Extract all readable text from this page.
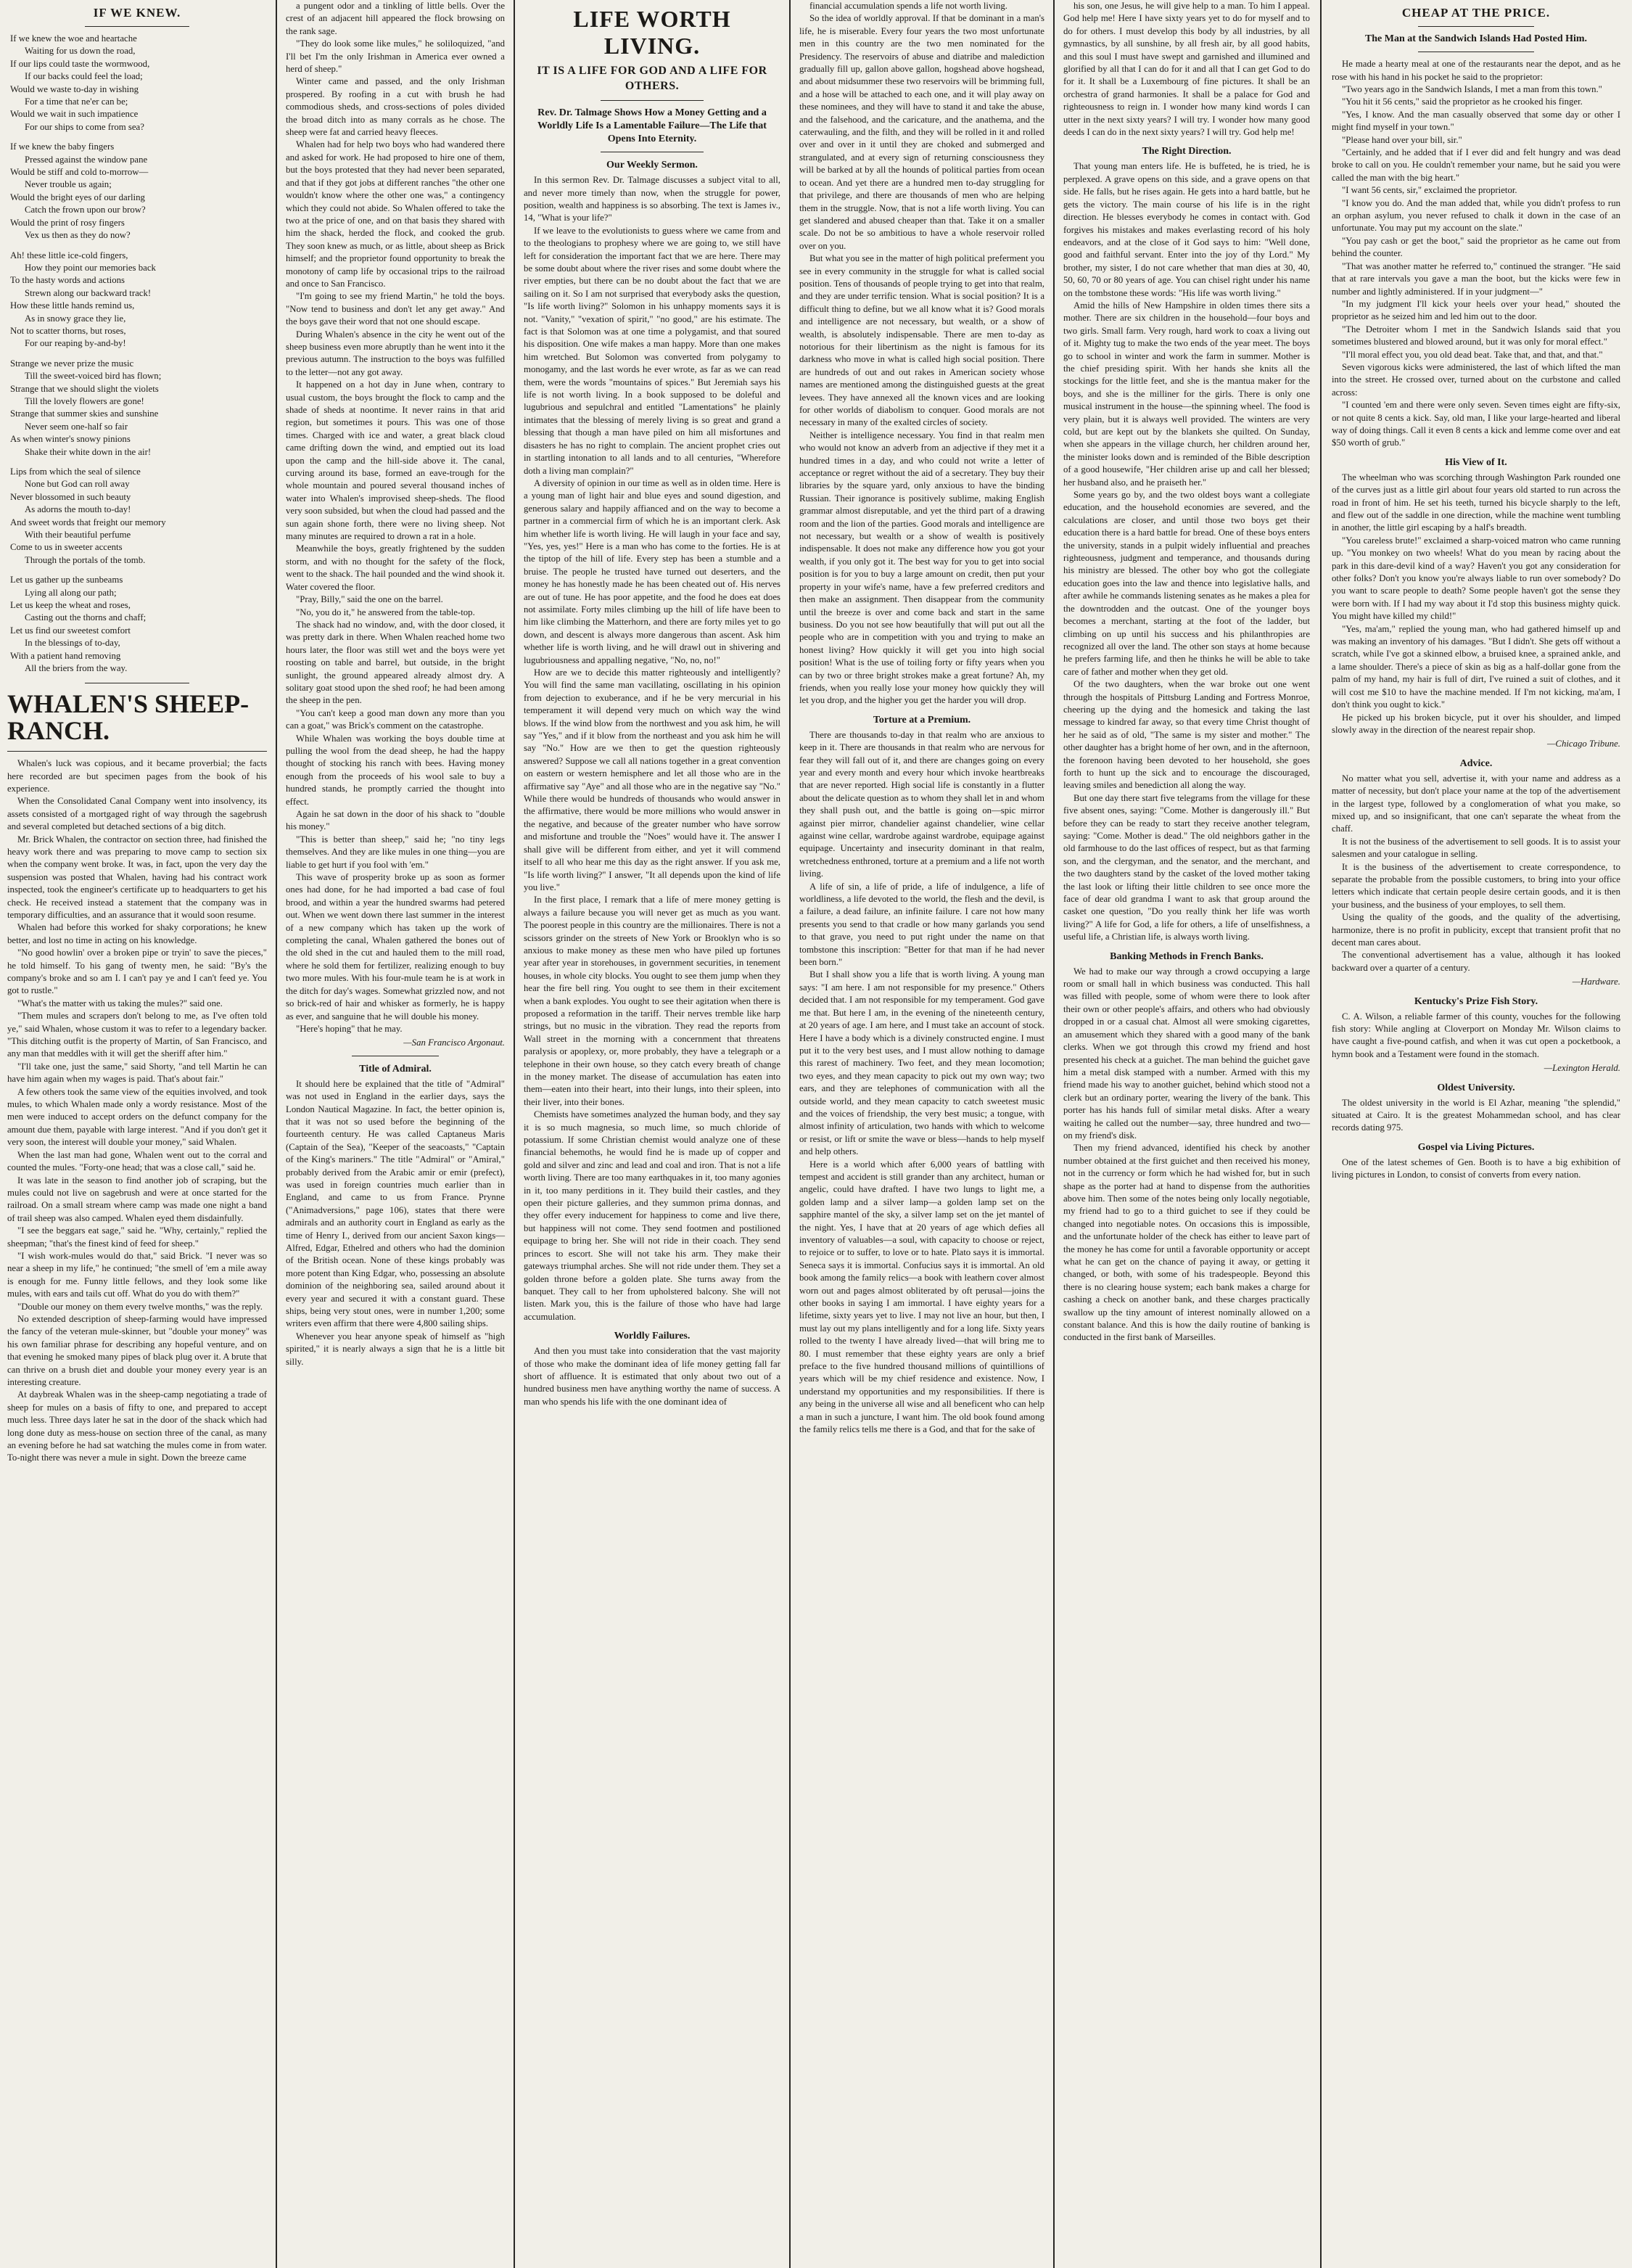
IF WE KNEW.

If we knew the woe and heartache

Waiting for us down the road,

If our lips could taste the wormwood,

If our backs could feel the load;

Would we waste to-day in wishing

For a time that ne'er can be;

Would we wait in such impatience

For our ships to come from sea?

If we knew the baby fingers

Pressed against the window pane

Would be stiff and cold to-morrow—

Never trouble us again;

Would the bright eyes of our darling

Catch the frown upon our brow?

Would the print of rosy fingers

Vex us then as they do now?

Ah! these little ice-cold fingers,

How they point our memories back

To the hasty words and actions

Strewn along our backward track!

How these little hands remind us,

As in snowy grace they lie,

Not to scatter thorns, but roses,

For our reaping by-and-by!

Strange we never prize the music

Till the sweet-voiced bird has flown;

Strange that we should slight the violets

Till the lovely flowers are gone!

Strange that summer skies and sunshine

Never seem one-half so fair

As when winter's snowy pinions

Shake their white down in the air!

Lips from which the seal of silence

None but God can roll away

Never blossomed in such beauty

As adorns the mouth to-day!

And sweet words that freight our memory

With their beautiful perfume

Come to us in sweeter accents

Through the portals of the tomb.

Let us gather up the sunbeams

Lying all along our path;

Let us keep the wheat and roses,

Casting out the thorns and chaff;

Let us find our sweetest comfort

In the blessings of to-day,

With a patient hand removing

All the briers from the way.

WHALEN'S SHEEP-RANCH.

Whalen's luck was copious, and it became proverbial; the facts here recorded are but specimen pages from the book of his experience.

When the Consolidated Canal Company went into insolvency, its assets consisted of a mortgaged right of way through the sagebrush and several completed but detached sections of a big ditch.

Mr. Brick Whalen, the contractor on section three, had finished the heavy work there and was preparing to move camp to section six when the company went broke. It was, in fact, upon the very day the suspension was posted that Whalen, having had his contract work inspected, took the engineer's certificate up to headquarters to get his check. He received instead a statement that the company was in temporary difficulties, and an assurance that it would soon resume.

Whalen had before this worked for shaky corporations; he knew better, and lost no time in acting on his knowledge.

"No good howlin' over a broken pipe or tryin' to save the pieces," he told himself. To his gang of twenty men, he said: "By's the company's broke and so am I. I can't pay ye and I can't feed ye. You got to rustle."

"What's the matter with us taking the mules?" said one.

"Them mules and scrapers don't belong to me, as I've often told ye," said Whalen, whose custom it was to refer to a legendary backer. "This ditching outfit is the property of Martin, of San Francisco, and any man that meddles with it will get the sheriff after him."

"I'll take one, just the same," said Shorty, "and tell Martin he can have him again when my wages is paid. That's about fair."

A few others took the same view of the equities involved, and took mules, to which Whalen made only a wordy resistance. Most of the men were induced to accept orders on the defunct company for the amount due them, payable with large interest. "And if you don't get it very soon, the interest will double your money," said Whalen.

When the last man had gone, Whalen went out to the corral and counted the mules. "Forty-one head; that was a close call," said he.

It was late in the season to find another job of scraping, but the mules could not live on sagebrush and were at once started for the railroad. On a small stream where camp was made one night a band of trail sheep was also camped. Whalen eyed them disdainfully.

"I see the beggars eat sage," said he. "Why, certainly," replied the sheepman; "that's the finest kind of feed for sheep."

"I wish work-mules would do that," said Brick. "I never was so near a sheep in my life," he continued; "the smell of 'em a mile away is enough for me. Funny little fellows, and they look some like mules, with ears and tails cut off. What do you do with them?"

"Double our money on them every twelve months," was the reply.

No extended description of sheep-farming would have impressed the fancy of the veteran mule-skinner, but "double your money" was his own familiar phrase for describing any hopeful venture, and on that evening he smoked many pipes of black plug over it. A brute that can thrive on a brush diet and double your money every year is an interesting creature.

At daybreak Whalen was in the sheep-camp negotiating a trade of sheep for mules on a basis of fifty to one, and prepared to accept much less. Three days later he sat in the door of the shack which had long done duty as mess-house on section three of the canal, as many an evening before he had sat watching the mules come in from water. To-night there was never a mule in sight. Down the breeze came

a pungent odor and a tinkling of little bells. Over the crest of an adjacent hill appeared the flock browsing on the rank sage.

"They do look some like mules," he soliloquized, "and I'll bet I'm the only Irishman in America ever owned a herd of sheep."

Winter came and passed, and the only Irishman prospered. By roofing in a cut with brush he had commodious sheds, and cross-sections of poles divided the broad ditch into as many corrals as he chose. The sheep were fat and carried heavy fleeces.

Whalen had for help two boys who had wandered there and asked for work. He had proposed to hire one of them, but the boys protested that they had never been separated, and that if they got jobs at different ranches "the other one wouldn't know where the other one was," a contingency which they could not abide. So Whalen offered to take the two at the price of one, and on that basis they shared with him the shack, herded the flock, and cooked the grub. They soon knew as much, or as little, about sheep as Brick himself; and the proprietor found opportunity to break the monotony of camp life by occasional trips to the railroad and once to San Francisco.

"I'm going to see my friend Martin," he told the boys. "Now tend to business and don't let any get away." And the boys gave their word that not one should escape.

During Whalen's absence in the city he went out of the sheep business even more abruptly than he went into it the previous autumn. The instruction to the boys was fulfilled to the letter—not any got away.

It happened on a hot day in June when, contrary to usual custom, the boys brought the flock to camp and the shade of sheds at noontime. It never rains in that arid region, but sometimes it pours. This was one of those times. Charged with ice and water, a great black cloud came drifting down the wind, and emptied out its load upon the camp and the hill-side above it. The canal, curving around its base, formed an eave-trough for the whole mountain and poured several thousand inches of water into Whalen's improvised sheep-sheds. The flood very soon subsided, but when the cloud had passed and the sun again shone forth, there were no living sheep. Not many minutes are required to drown a rat in a hole.

Meanwhile the boys, greatly frightened by the sudden storm, and with no thought for the safety of the flock, went to the shack. The hail pounded and the wind shook it. Water covered the floor.

"Pray, Billy," said the one on the barrel.

"No, you do it," he answered from the table-top.

The shack had no window, and, with the door closed, it was pretty dark in there. When Whalen reached home two hours later, the floor was still wet and the boys were yet roosting on table and barrel, but outside, in the bright sunlight, the ground appeared already almost dry. A solitary goat stood upon the shed roof; he had been among the sheep in the pen.

"You can't keep a good man down any more than you can a goat," was Brick's comment on the catastrophe.

While Whalen was working the boys double time at pulling the wool from the dead sheep, he had the happy thought of stocking his ranch with bees. Having money enough from the proceeds of his wool sale to buy a hundred stands, he promptly carried the thought into effect.

Again he sat down in the door of his shack to "double his money."

"This is better than sheep," said he; "no tiny legs themselves. And they are like mules in one thing—you are liable to get hurt if you fool with 'em."

This wave of prosperity broke up as soon as former ones had done, for he had imported a bad case of foul brood, and within a year the hundred swarms had petered out. When we went down there last summer in the interest of a new company which has taken up the work of completing the canal, Whalen gathered the bones out of the old shed in the cut and hauled them to the mill road, where he sold them for fertilizer, realizing enough to buy two more mules. With his four-mule team he is at work in the ditch for day's wages. Somewhat grizzled now, and not so brick-red of hair and whisker as formerly, he is happy as ever, and sanguine that he will double his money.

"Here's hoping" that he may.

—San Francisco Argonaut.

Title of Admiral.

It should here be explained that the title of "Admiral" was not used in England in the earlier days, says the London Nautical Magazine. In fact, the better opinion is, that it was not so used before the beginning of the fourteenth century. He was called Captaneus Maris (Captain of the Sea), "Keeper of the seacoasts," "Captain of the King's mariners." The title "Admiral" or "Amiral," probably derived from the Arabic amir or emir (prefect), was used in foreign countries much earlier than in England, and came to us from France. Prynne ("Animadversions," page 106), states that there were admirals and an authority court in England as early as the time of Henry I., derived from our ancient Saxon kings—Alfred, Edgar, Ethelred and others who had the dominion of the British ocean. None of these kings probably was more potent than King Edgar, who, possessing an absolute dominion of the neighboring sea, sailed around about it every year and secured it with a constant guard. These ships, being very stout ones, were in number 1,200; some writers even affirm that there were 4,800 sailing ships.

Whenever you hear anyone speak of himself as "high spirited," it is nearly always a sign that he is a little bit silly.

LIFE WORTH LIVING.
IT IS A LIFE FOR GOD AND A LIFE FOR OTHERS.
Rev. Dr. Talmage Shows How a Money Getting and a Worldly Life Is a Lamentable Failure—The Life that Opens Into Eternity.
Our Weekly Sermon.

In this sermon Rev. Dr. Talmage discusses a subject vital to all, and never more timely than now, when the struggle for power, position, wealth and happiness is so absorbing. The text is James iv., 14, "What is your life?"

If we leave to the evolutionists to guess where we came from and to the theologians to prophesy where we are going to, we still have left for consideration the important fact that we are here. There may be some doubt about where the river rises and some doubt where the river empties, but there can be no doubt about the fact that we are sailing on it. So I am not surprised that everybody asks the question, "Is life worth living?" Solomon in his unhappy moments says it is not. "Vanity," "vexation of spirit," "no good," are his estimate. The fact is that Solomon was at one time a polygamist, and that soured his disposition. One wife makes a man happy. More than one makes him wretched. But Solomon was converted from polygamy to monogamy, and the last words he ever wrote, as far as we can read them, were the words "mountains of spices." But Jeremiah says his life is not worth living. In a book supposed to be doleful and lugubrious and sepulchral and entitled "Lamentations" he plainly intimates that the blessing of merely living is so great and grand a blessing that though a man have piled on him all misfortunes and disasters he has no right to complain. The ancient prophet cries out in startling intonation to all lands and to all centuries, "Wherefore doth a living man complain?"

A diversity of opinion in our time as well as in olden time. Here is a young man of light hair and blue eyes and sound digestion, and generous salary and happily affianced and on the way to become a partner in a commercial firm of which he is an important clerk. Ask him whether life is worth living. He will laugh in your face and say, "Yes, yes, yes!" Here is a man who has come to the forties. He is at the tiptop of the hill of life. Every step has been a stumble and a bruise. The people he trusted have turned out deserters, and the money he has honestly made he has been cheated out of. His nerves are out of tune. He has poor appetite, and the food he does eat does not assimilate. Forty miles climbing up the hill of life have been to him like climbing the Matterhorn, and there are forty miles yet to go down, and descent is always more dangerous than ascent. Ask him whether life is worth living, and he will drawl out in shivering and lugubriousness and appalling negative, "No, no, no!"

How are we to decide this matter righteously and intelligently? You will find the same man vacillating, oscillating in his opinion from dejection to exuberance, and if he be very mercurial in his temperament it will depend very much on which way the wind blows. If the wind blow from the northwest and you ask him, he will say "Yes," and if it blow from the northeast and you ask him he will say "No." How are we then to get the question righteously answered? Suppose we call all nations together in a great convention on eastern or western hemisphere and let all those who are in the affirmative say "Aye" and all those who are in the negative say "No." While there would be hundreds of thousands who would answer in the affirmative, there would be more millions who would answer in the negative, and because of the greater number who have sorrow and misfortune and trouble the "Noes" would have it. The answer I shall give will be different from either, and yet it will commend itself to all who hear me this day as the right answer. If you ask me, "Is life worth living?" I answer, "It all depends upon the kind of life you live."

In the first place, I remark that a life of mere money getting is always a failure because you will never get as much as you want. The poorest people in this country are the millionaires. There is not a scissors grinder on the streets of New York or Brooklyn who is so anxious to make money as these men who have piled up fortunes year after year in storehouses, in government securities, in tenement houses, in whole city blocks. You ought to see them jump when they hear the fire bell ring. You ought to see them in their excitement when a bank explodes. You ought to see their agitation when there is proposed a reformation in the tariff. Their nerves tremble like harp strings, but no music in the vibration. They read the reports from Wall street in the morning with a concernment that threatens paralysis or apoplexy, or, more probably, they have a telegraph or a telephone in their own house, so they catch every breath of change in the money market. The disease of accumulation has eaten into them—eaten into their heart, into their lungs, into their spleen, into their liver, into their bones.

Chemists have sometimes analyzed the human body, and they say it is so much magnesia, so much lime, so much chloride of potassium. If some Christian chemist would analyze one of these financial behemoths, he would find he is made up of copper and gold and silver and zinc and lead and coal and iron. That is not a life worth living. There are too many earthquakes in it, too many agonies in it, too many perditions in it. They build their castles, and they open their picture galleries, and they summon prima donnas, and they offer every inducement for happiness to come and live there, but happiness will not come. They send footmen and postilioned equipage to bring her. She will not ride in their coach. They send princes to escort. She will not take his arm. They make their gateways triumphal arches. She will not ride under them. They set a golden throne before a golden plate. She turns away from the banquet. They call to her from upholstered balcony. She will not listen. Mark you, this is the failure of those who have had large accumulation.

Worldly Failures.

And then you must take into consideration that the vast majority of those who make the dominant idea of life money getting fall far short of affluence. It is estimated that only about two out of a hundred business men have anything worthy the name of success. A man who spends his life with the one dominant idea of

financial accumulation spends a life not worth living.

So the idea of worldly approval. If that be dominant in a man's life, he is miserable. Every four years the two most unfortunate men in this country are the two men nominated for the Presidency. The reservoirs of abuse and diatribe and malediction gradually fill up, gallon above gallon, hogshead above hogshead, and about midsummer these two reservoirs will be brimming full, and a hose will be attached to each one, and it will play away on these nominees, and they will have to stand it and take the abuse, and the falsehood, and the caricature, and the anathema, and the caterwauling, and the filth, and they will be rolled in it and rolled over and over in it until they are choked and submerged and strangulated, and at every sign of returning consciousness they will be barked at by all the hounds of political parties from ocean to ocean. And yet there are a hundred men to-day struggling for that privilege, and there are thousands of men who are helping them in the struggle. Now, that is not a life worth living. You can get slandered and abused cheaper than that. Take it on a smaller scale. Do not be so ambitious to have a whole reservoir rolled over on you.

But what you see in the matter of high political preferment you see in every community in the struggle for what is called social position. Tens of thousands of people trying to get into that realm, and they are under terrific tension. What is social position? It is a difficult thing to define, but we all know what it is? Good morals and intelligence are not necessary, but wealth, or a show of wealth, is absolutely indispensable. There are men to-day as notorious for their libertinism as the night is famous for its darkness who move in what is called high social position. There are hundreds of out and out rakes in American society whose names are mentioned among the distinguished guests at the great levees. They have annexed all the known vices and are looking for other worlds of diabolism to conquer. Good morals are not necessary in many of the exalted circles of society.

Neither is intelligence necessary. You find in that realm men who would not know an adverb from an adjective if they met it a hundred times in a day, and who could not write a letter of acceptance or regret without the aid of a secretary. They buy their libraries by the square yard, only anxious to have the binding Russian. Their ignorance is positively sublime, making English grammar almost disreputable, and yet the third part of a drawing room and the lion of the parties. Good morals and intelligence are not necessary, but wealth or a show of wealth is positively indispensable. It does not make any difference how you got your wealth, if you only got it. The best way for you to get into social position is for you to buy a large amount on credit, then put your property in your wife's name, have a few preferred creditors and then make an assignment. Then disappear from the community until the breeze is over and come back and start in the same business. Do you not see how beautifully that will put out all the people who are in competition with you and trying to make an honest living? How quickly it will get you into high social position! What is the use of toiling forty or fifty years when you can by two or three bright strokes make a great fortune? Ah, my friends, when you really lose your money how quickly they will let you drop, and the higher you get the harder you will drop.

Torture at a Premium.

There are thousands to-day in that realm who are anxious to keep in it. There are thousands in that realm who are nervous for fear they will fall out of it, and there are changes going on every year and every month and every hour which invoke heartbreaks that are never reported. High social life is constantly in a flutter about the delicate question as to whom they shall let in and whom they shall push out, and the battle is going on—spic mirror against pier mirror, chandelier against chandelier, wine cellar against wine cellar, wardrobe against wardrobe, equipage against equipage. Uncertainty and insecurity dominant in that realm, wretchedness enthroned, torture at a premium and a life not worth living.

A life of sin, a life of pride, a life of indulgence, a life of worldliness, a life devoted to the world, the flesh and the devil, is a failure, a dead failure, an infinite failure. I care not how many presents you send to that cradle or how many garlands you send to that grave, you need to put right under the name on that tombstone this inscription: "Better for that man if he had never been born."

But I shall show you a life that is worth living. A young man says: "I am here. I am not responsible for my presence." Others decided that. I am not responsible for my temperament. God gave me that. But here I am, in the evening of the nineteenth century, at 20 years of age. I am here, and I must take an account of stock. Here I have a body which is a divinely constructed engine. I must put it to the very best uses, and I must allow nothing to damage this rarest of machinery. Two feet, and they mean locomotion; two eyes, and they mean capacity to pick out my own way; two ears, and they are telephones of communication with all the outside world, and they mean capacity to catch sweetest music and the voices of friendship, the very best music; a tongue, with almost infinity of articulation, two hands with which to welcome or resist, or lift or smite the wave or bless—hands to help myself and help others.

Here is a world which after 6,000 years of battling with tempest and accident is still grander than any architect, human or angelic, could have drafted. I have two lungs to light me, a golden lamp and a silver lamp—a golden lamp set on the sapphire mantel of the sky, a silver lamp set on the jet mantel of the night. Yes, I have that at 20 years of age which defies all inventory of valuables—a soul, with capacity to choose or reject, to rejoice or to suffer, to love or to hate. Plato says it is immortal. Seneca says it is immortal. Confucius says it is immortal. An old book among the family relics—a book with leathern cover almost worn out and pages almost obliterated by oft perusal—joins the other books in saying I am immortal. I have eighty years for a lifetime, sixty years yet to live. I may not live an hour, but then, I must lay out my plans intelligently and for a long life. Sixty years rolled to the twenty I have already lived—that will bring me to 80. I must remember that these eighty years are only a brief preface to the five hundred thousand millions of quintillions of years which will be my chief residence and existence. Now, I understand my opportunities and my responsibilities. If there is any being in the universe all wise and all beneficent who can help a man in such a juncture, I want him. The old book found among the family relics tells me there is a God, and that for the sake of

his son, one Jesus, he will give help to a man. To him I appeal. God help me! Here I have sixty years yet to do for myself and to do for others. I must develop this body by all industries, by all gymnastics, by all sunshine, by all fresh air, by all good habits, and this soul I must have swept and garnished and illumined and glorified by all that I can do for it and all that I can get God to do for it. It shall be a Luxembourg of fine pictures. It shall be an orchestra of grand harmonies. It shall be a palace for God and righteousness to reign in. I wonder how many kind words I can utter in the next sixty years? I will try. I wonder how many good deeds I can do in the next sixty years? I will try. God help me!

The Right Direction.

That young man enters life. He is buffeted, he is tried, he is perplexed. A grave opens on this side, and a grave opens on that side. He falls, but he rises again. He gets into a hard battle, but he gets the victory. The main course of his life is in the right direction. He blesses everybody he comes in contact with. God forgives his mistakes and makes everlasting record of his holy endeavors, and at the close of it God says to him: "Well done, good and faithful servant. Enter into the joy of thy Lord." My brother, my sister, I do not care whether that man dies at 30, 40, 50, 60, 70 or 80 years of age. You can chisel right under his name on the tombstone these words: "His life was worth living."

Amid the hills of New Hampshire in olden times there sits a mother. There are six children in the household—four boys and two girls. Small farm. Very rough, hard work to coax a living out of it. Mighty tug to make the two ends of the year meet. The boys go to school in winter and work the farm in summer. Mother is the chief presiding spirit. With her hands she knits all the stockings for the little feet, and she is the mantua maker for the boys, and she is the milliner for the girls. There is only one musical instrument in the house—the spinning wheel. The food is very plain, but it is always well provided. The winters are very cold, but are kept out by the blankets she quilted. On Sunday, when she appears in the village church, her children around her, the minister looks down and is reminded of the Bible description of a good housewife, "Her children arise up and call her blessed; her husband also, and he praiseth her."

Some years go by, and the two oldest boys want a collegiate education, and the household economies are severed, and the calculations are closer, and until those two boys get their education there is a hard battle for bread. One of these boys enters the university, stands in a pulpit widely influential and preaches righteousness, judgment and temperance, and thousands during his ministry are blessed. The other boy who got the collegiate education goes into the law and thence into legislative halls, and after awhile he commands listening senates as he makes a plea for the downtrodden and the outcast. One of the younger boys becomes a merchant, starting at the foot of the ladder, but climbing on up until his success and his philanthropies are recognized all over the land. The other son stays at home because he prefers farming life, and then he thinks he will be able to take care of father and mother when they get old.

Of the two daughters, when the war broke out one went through the hospitals of Pittsburg Landing and Fortress Monroe, cheering up the dying and the homesick and taking the last message to kindred far away, so that every time Christ thought of her he said as of old, "The same is my sister and mother." The other daughter has a bright home of her own, and in the afternoon, the forenoon having been devoted to her household, she goes forth to hunt up the sick and to encourage the discouraged, leaving smiles and benediction all along the way.

But one day there start five telegrams from the village for these five absent ones, saying: "Come. Mother is dangerously ill." But before they can be ready to start they receive another telegram, saying: "Come. Mother is dead." The old neighbors gather in the old farmhouse to do the last offices of respect, but as that farming son, and the clergyman, and the senator, and the merchant, and the two daughters stand by the casket of the loved mother taking the last look or lifting their little children to see once more the face of dear old grandma I want to ask that group around the casket one question, "Do you really think her life was worth living?" A life for God, a life for others, a life of unselfishness, a useful life, a Christian life, is always worth living.

Banking Methods in French Banks.

We had to make our way through a crowd occupying a large room or small hall in which business was conducted. This hall was filled with people, some of whom were there to look after their own or other people's affairs, and others who had obviously dropped in or a casual chat. Almost all were smoking cigarettes, an amusement which they shared with a good many of the bank clerks. When we got through this crowd my friend and host presented his check at a guichet. The man behind the guichet gave him a metal disk stamped with a number. Armed with this my friend made his way to another guichet, behind which stood not a clerk but an ordinary porter, wearing the livery of the bank. This porter has his hands full of similar metal disks. After a weary waiting he called out the number—say, three hundred and two—on my friend's disk.

Then my friend advanced, identified his check by another number obtained at the first guichet and then received his money, not in the currency or form which he had wished for, but in such shape as the porter had at hand to dispense from the authorities above him. Then some of the notes being only locally negotiable, my friend had to go to a third guichet to see if they could be changed into negotiable notes. On occasions this is impossible, and the unfortunate holder of the check has either to leave part of the money he has come for until a favorable opportunity or accept what he can get on the chance of paying it away, or getting it changed, or both, with some of his tradespeople. Beyond this there is no clearing house system; each bank makes a charge for cashing a check on another bank, and these charges practically swallow up the tiny amount of interest nominally allowed on a constant balance. And this is how the daily routine of banking is conducted in the first bank of Marseilles.

CHEAP AT THE PRICE.
The Man at the Sandwich Islands Had Posted Him.

He made a hearty meal at one of the restaurants near the depot, and as he rose with his hand in his pocket he said to the proprietor:

"Two years ago in the Sandwich Islands, I met a man from this town."

"You hit it 56 cents," said the proprietor as he crooked his finger.

"Yes, I know. And the man casually observed that some day or other I might find myself in your town."

"Please hand over your bill, sir."

"Certainly, and he added that if I ever did and felt hungry and was dead broke to call on you. He couldn't remember your name, but he said you were called the man with the big heart."

"I want 56 cents, sir," exclaimed the proprietor.

"I know you do. And the man added that, while you didn't profess to run an orphan asylum, you never refused to chalk it down in the case of an unfortunate. You may put my account on the slate."

"You pay cash or get the boot," said the proprietor as he came out from behind the counter.

"That was another matter he referred to," continued the stranger. "He said that at rare intervals you gave a man the boot, but the kicks were few in number and lightly administered. If in your judgment—"

"In my judgment I'll kick your heels over your head," shouted the proprietor as he seized him and led him out to the door.

"The Detroiter whom I met in the Sandwich Islands said that you sometimes blustered and blowed around, but it was only for moral effect."

"I'll moral effect you, you old dead beat. Take that, and that, and that."

Seven vigorous kicks were administered, the last of which lifted the man into the street. He crossed over, turned about on the curbstone and called across:

"I counted 'em and there were only seven. Seven times eight are fifty-six, or not quite 8 cents a kick. Say, old man, I like your large-hearted and liberal way of doing things. Call it even 8 cents a kick and lemme come over and eat $50 worth of grub."

His View of It.

The wheelman who was scorching through Washington Park rounded one of the curves just as a little girl about four years old started to run across the road in front of him. He set his teeth, turned his bicycle sharply to the left, and flew out of the saddle in one direction, while the machine went tumbling in another, the little girl escaping by a half's breadth.

"You careless brute!" exclaimed a sharp-voiced matron who came running up. "You monkey on two wheels! What do you mean by racing about the park in this dare-devil kind of a way? Haven't you got any consideration for other folks? Don't you know you're always liable to run over somebody? Do you want to scare people to death? Some people haven't got the sense they were born with. If I had my way about it I'd stop this business mighty quick. You might have killed my child!"

"Yes, ma'am," replied the young man, who had gathered himself up and was making an inventory of his damages. "But I didn't. She gets off without a scratch, while I've got a skinned elbow, a bruised knee, a sprained ankle, and a lame shoulder. There's a piece of skin as big as a half-dollar gone from the palm of my hand, my hair is full of dirt, I've ruined a suit of clothes, and it will cost me $10 to have the machine mended. If I'm not kicking, ma'am, I don't think you ought to kick."

He picked up his broken bicycle, put it over his shoulder, and limped slowly away in the direction of the nearest repair shop.

—Chicago Tribune.

Advice.

No matter what you sell, advertise it, with your name and address as a matter of necessity, but don't place your name at the top of the advertisement in the largest type, followed by a conglomeration of what you make, so mixed up, and so insignificant, that one can't separate the wheat from the chaff.

It is not the business of the advertisement to sell goods. It is to assist your salesmen and your catalogue in selling.

It is the business of the advertisement to create correspondence, to separate the probable from the possible customers, to bring into your office letters which indicate that certain people desire certain goods, and it is then your business, and the business of your employes, to sell them.

Using the quality of the goods, and the quality of the advertising, harmonize, there is no profit in publicity, except that transient profit that no decent man cares about.

The conventional advertisement has a value, although it has looked backward over a quarter of a century.

—Hardware.

Kentucky's Prize Fish Story.

C. A. Wilson, a reliable farmer of this county, vouches for the following fish story: While angling at Cloverport on Monday Mr. Wilson claims to have caught a five-pound catfish, and when it was cut open a pocketbook, a hymn book and a Testament were found in the stomach.

—Lexington Herald.

Oldest University.

The oldest university in the world is El Azhar, meaning "the splendid," situated at Cairo. It is the greatest Mohammedan school, and has clear records dating 975.

Gospel via Living Pictures.

One of the latest schemes of Gen. Booth is to have a big exhibition of living pictures in London, to consist of converts from every nation.
